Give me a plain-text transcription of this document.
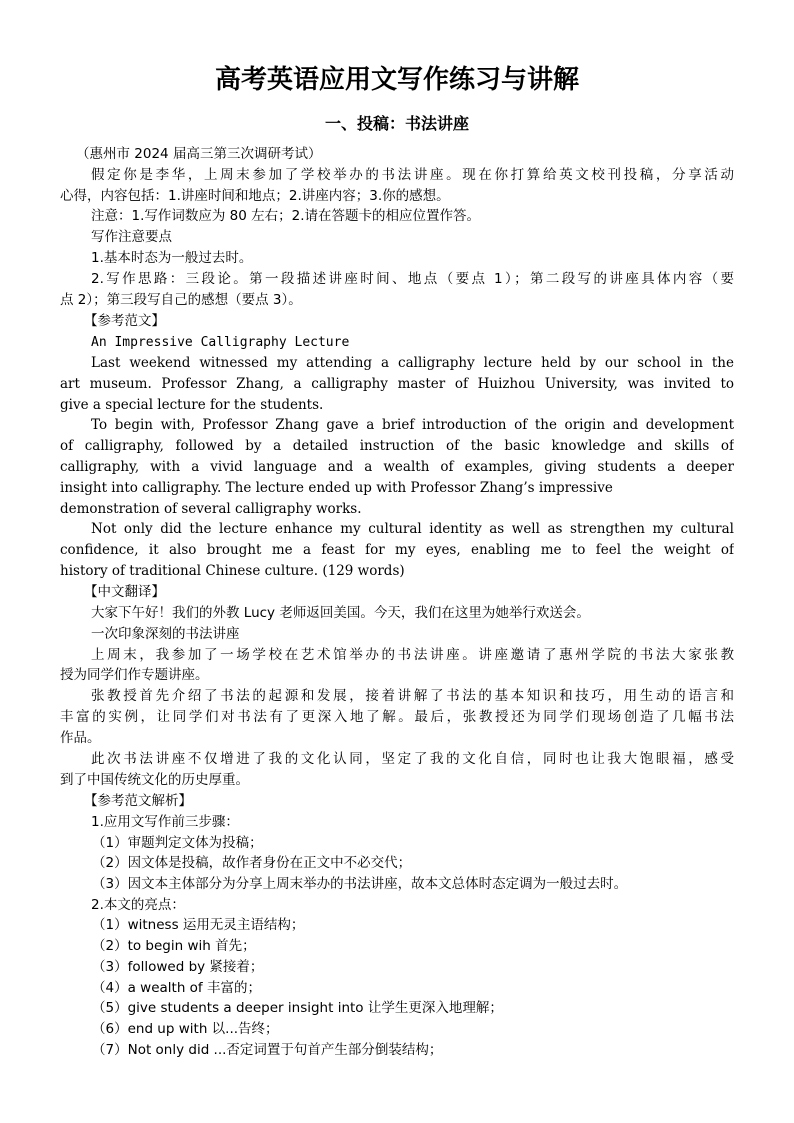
高考英语应用文写作练习与讲解
一、投稿：书法讲座
（惠州市 2024 届高三第三次调研考试）
假定你是李华，上周末参加了学校举办的书法讲座。现在你打算给英文校刊投稿，分享活动
心得，内容包括：1.讲座时间和地点；2.讲座内容；3.你的感想。
注意：1.写作词数应为 80 左右；2.请在答题卡的相应位置作答。
写作注意要点
1.基本时态为一般过去时。
2.写作思路：三段论。第一段描述讲座时间、地点（要点 1）；第二段写的讲座具体内容（要
点 2）；第三段写自己的感想（要点 3）。
【参考范文】
An Impressive Calligraphy Lecture
Last weekend witnessed my attending a calligraphy lecture held by our school in the
art museum. Professor Zhang, a calligraphy master of Huizhou University, was invited to
give a special lecture for the students.
To begin with, Professor Zhang gave a brief introduction of the origin and development
of calligraphy, followed by a detailed instruction of the basic knowledge and skills of
calligraphy, with a vivid language and a wealth of examples, giving students a deeper
insight into calligraphy. The lecture ended up with Professor Zhang’s impressive
demonstration of several calligraphy works.
Not only did the lecture enhance my cultural identity as well as strengthen my cultural
confidence, it also brought me a feast for my eyes, enabling me to feel the weight of
history of traditional Chinese culture. (129 words)
【中文翻译】
大家下午好！我们的外教 Lucy 老师返回美国。今天，我们在这里为她举行欢送会。
一次印象深刻的书法讲座
上周末，我参加了一场学校在艺术馆举办的书法讲座。讲座邀请了惠州学院的书法大家张教
授为同学们作专题讲座。
张教授首先介绍了书法的起源和发展，接着讲解了书法的基本知识和技巧，用生动的语言和
丰富的实例，让同学们对书法有了更深入地了解。最后，张教授还为同学们现场创造了几幅书法
作品。
此次书法讲座不仅增进了我的文化认同，坚定了我的文化自信，同时也让我大饱眼福，感受
到了中国传统文化的历史厚重。
【参考范文解析】
1.应用文写作前三步骤：
（1）审题判定文体为投稿；
（2）因文体是投稿，故作者身份在正文中不必交代；
（3）因文本主体部分为分享上周末举办的书法讲座，故本文总体时态定调为一般过去时。
2.本文的亮点：
（1）witness 运用无灵主语结构；
（2）to begin wih 首先；
（3）followed by 紧接着；
（4）a wealth of 丰富的；
（5）give students a deeper insight into 让学生更深入地理解；
（6）end up with 以...告终；
（7）Not only did ...否定词置于句首产生部分倒装结构；
